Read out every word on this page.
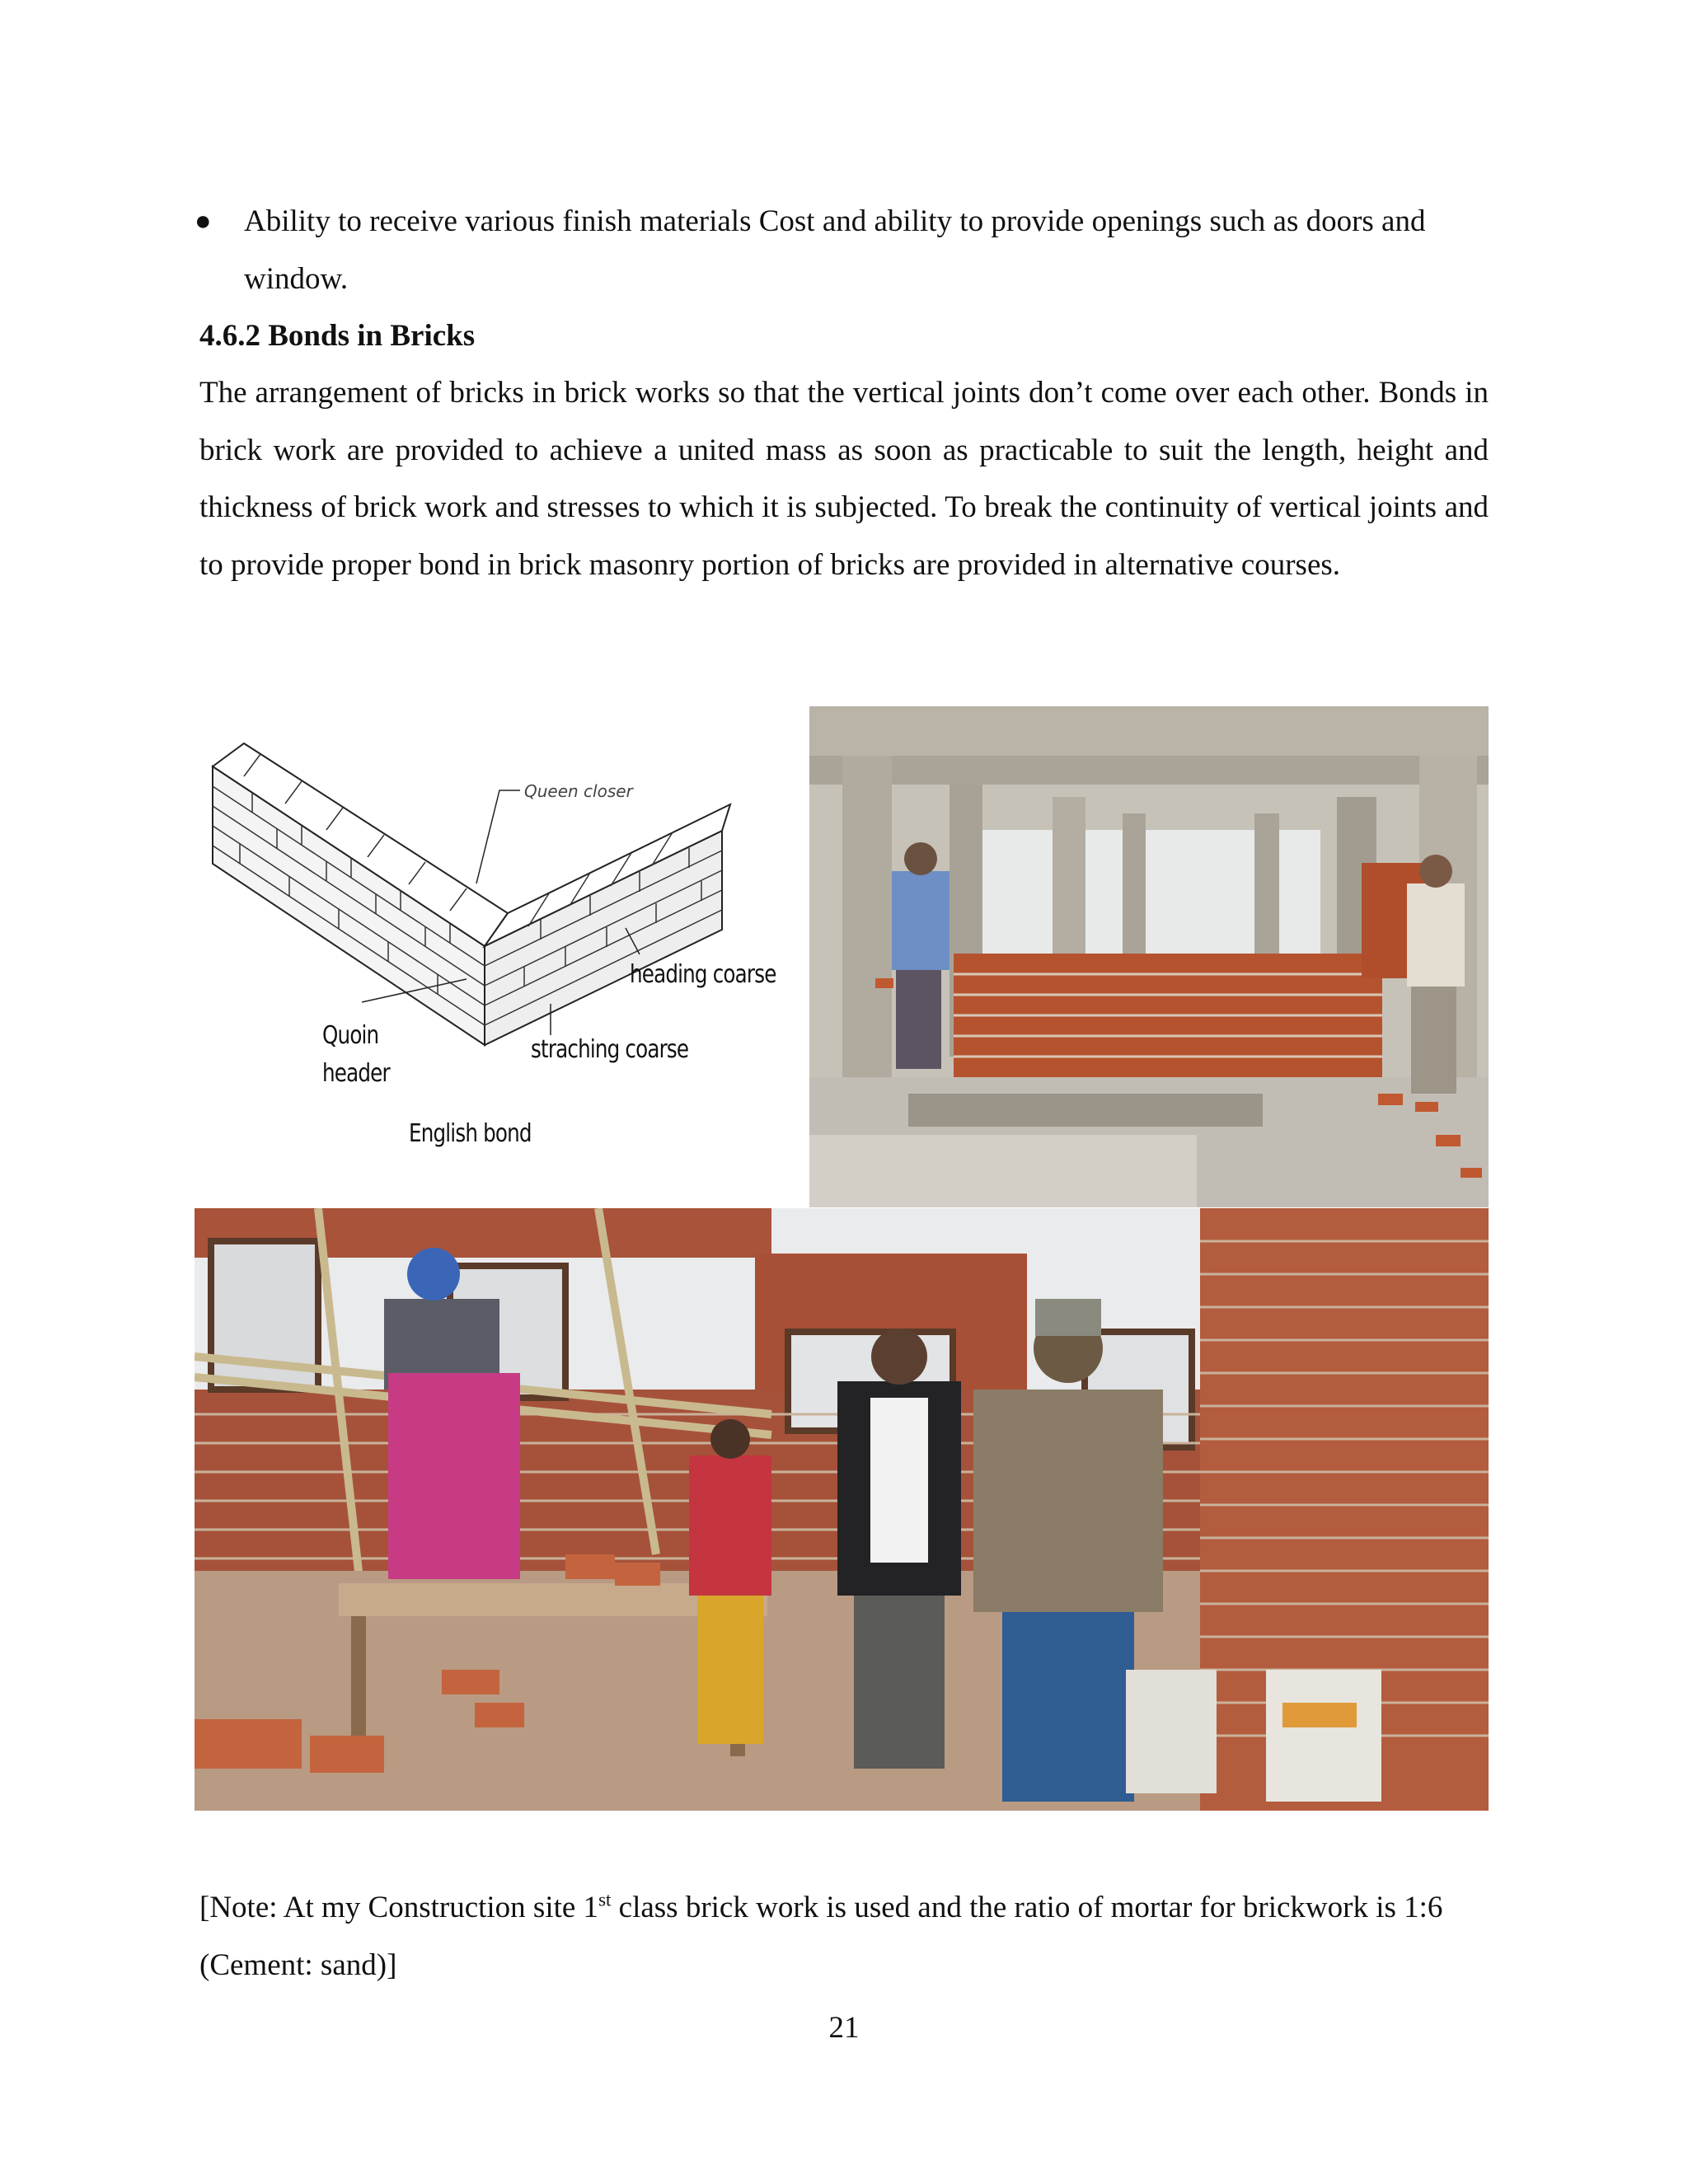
● Ability to receive various finish materials Cost and ability to provide openings such as doors and window.
4.6.2 Bonds in Bricks
The arrangement of bricks in brick works so that the vertical joints don’t come over each other. Bonds in brick work are provided to achieve a united mass as soon as practicable to suit the length, height and thickness of brick work and stresses to which it is subjected. To break the continuity of vertical joints and to provide proper bond in brick masonry portion of bricks are provided in alternative courses.
Queen closer
heading coarse
Quoin
header
straching coarse
English bond
[Note: At my Construction site 1st class brick work is used and the ratio of mortar for brickwork is 1:6 (Cement: sand)]
21
